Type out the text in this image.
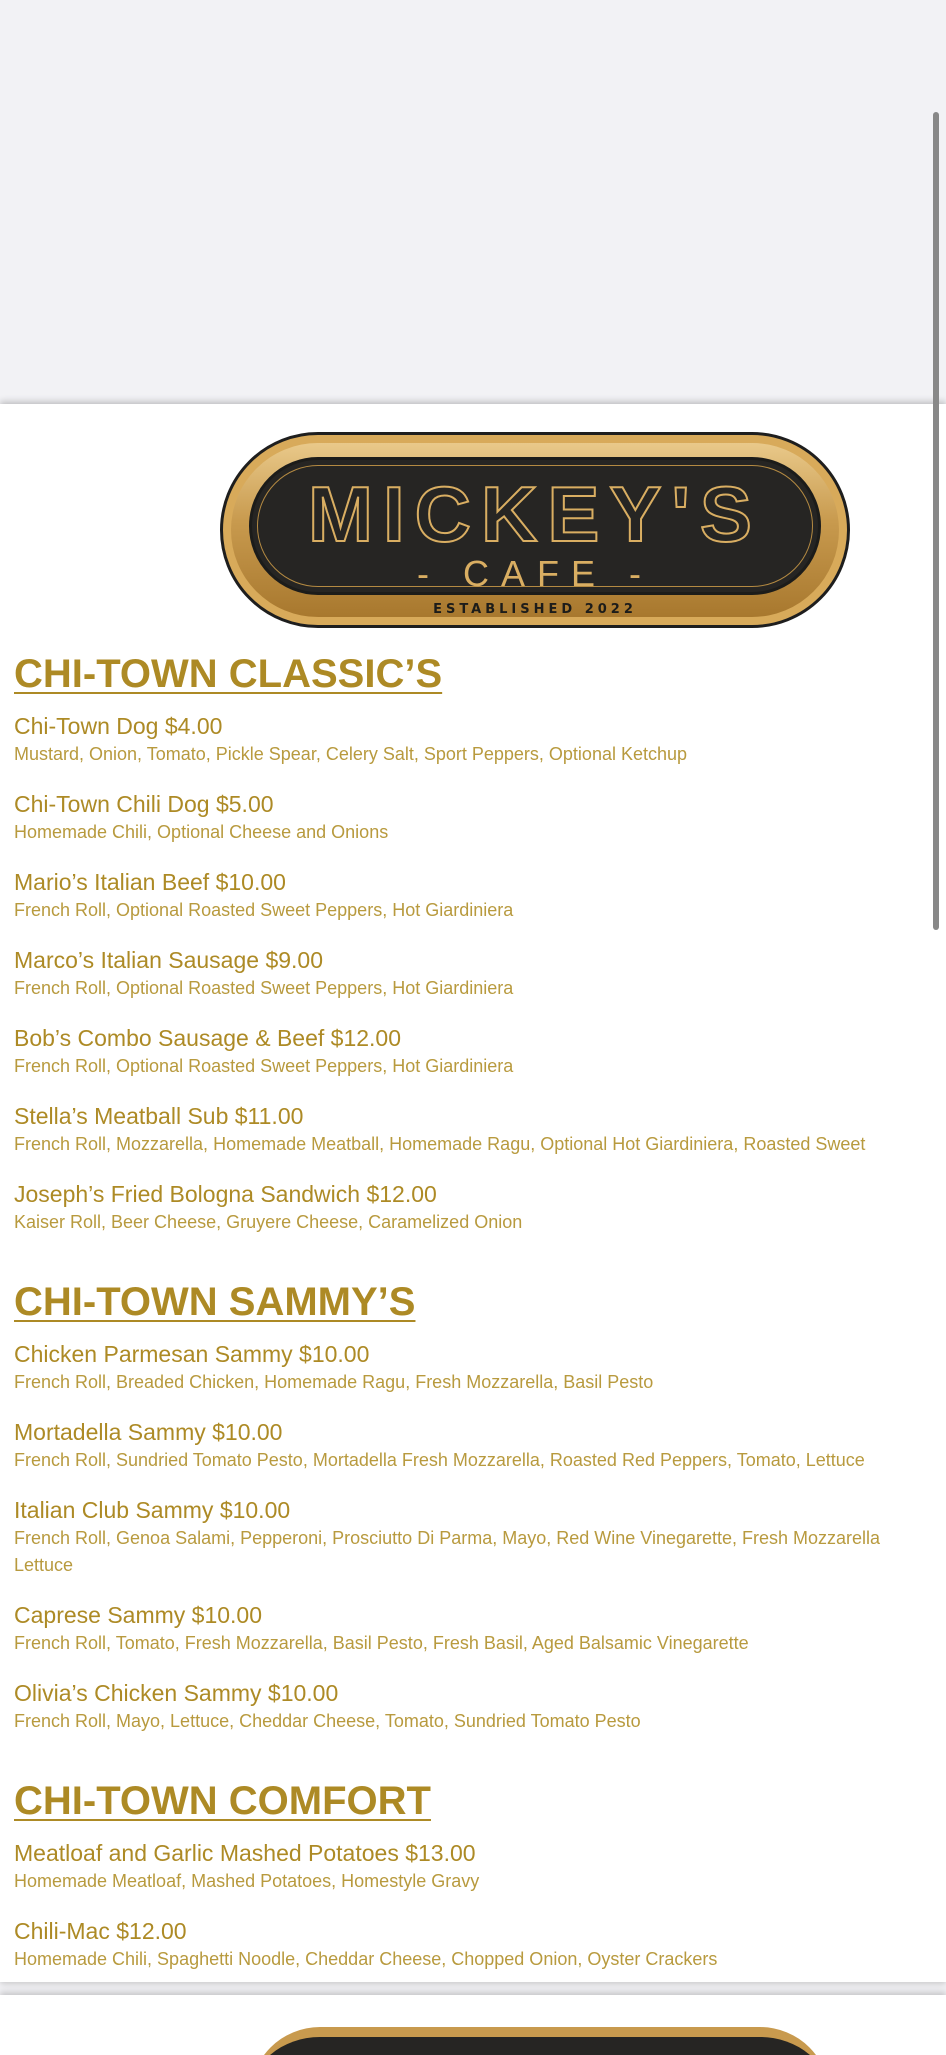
MICKEY'S
- CAFE -
ESTABLISHED 2022
CHI-TOWN CLASSIC’S
Chi-Town Dog $4.00
Mustard, Onion, Tomato, Pickle Spear, Celery Salt, Sport Peppers, Optional Ketchup
Chi-Town Chili Dog $5.00
Homemade Chili, Optional Cheese and Onions
Mario’s Italian Beef $10.00
French Roll, Optional Roasted Sweet Peppers, Hot Giardiniera
Marco’s Italian Sausage $9.00
French Roll, Optional Roasted Sweet Peppers, Hot Giardiniera
Bob’s Combo Sausage & Beef $12.00
French Roll, Optional Roasted Sweet Peppers, Hot Giardiniera
Stella’s Meatball Sub $11.00
French Roll, Mozzarella, Homemade Meatball, Homemade Ragu, Optional Hot Giardiniera, Roasted Sweet
Joseph’s Fried Bologna Sandwich $12.00
Kaiser Roll, Beer Cheese, Gruyere Cheese, Caramelized Onion
CHI-TOWN SAMMY’S
Chicken Parmesan Sammy $10.00
French Roll, Breaded Chicken, Homemade Ragu, Fresh Mozzarella, Basil Pesto
Mortadella Sammy $10.00
French Roll, Sundried Tomato Pesto, Mortadella Fresh Mozzarella, Roasted Red Peppers, Tomato, Lettuce
Italian Club Sammy $10.00
French Roll, Genoa Salami, Pepperoni, Prosciutto Di Parma, Mayo, Red Wine Vinegarette, Fresh Mozzarella
Lettuce
Caprese Sammy $10.00
French Roll, Tomato, Fresh Mozzarella, Basil Pesto, Fresh Basil, Aged Balsamic Vinegarette
Olivia’s Chicken Sammy $10.00
French Roll, Mayo, Lettuce, Cheddar Cheese, Tomato, Sundried Tomato Pesto
CHI-TOWN COMFORT
Meatloaf and Garlic Mashed Potatoes $13.00
Homemade Meatloaf, Mashed Potatoes, Homestyle Gravy
Chili-Mac $12.00
Homemade Chili, Spaghetti Noodle, Cheddar Cheese, Chopped Onion, Oyster Crackers
